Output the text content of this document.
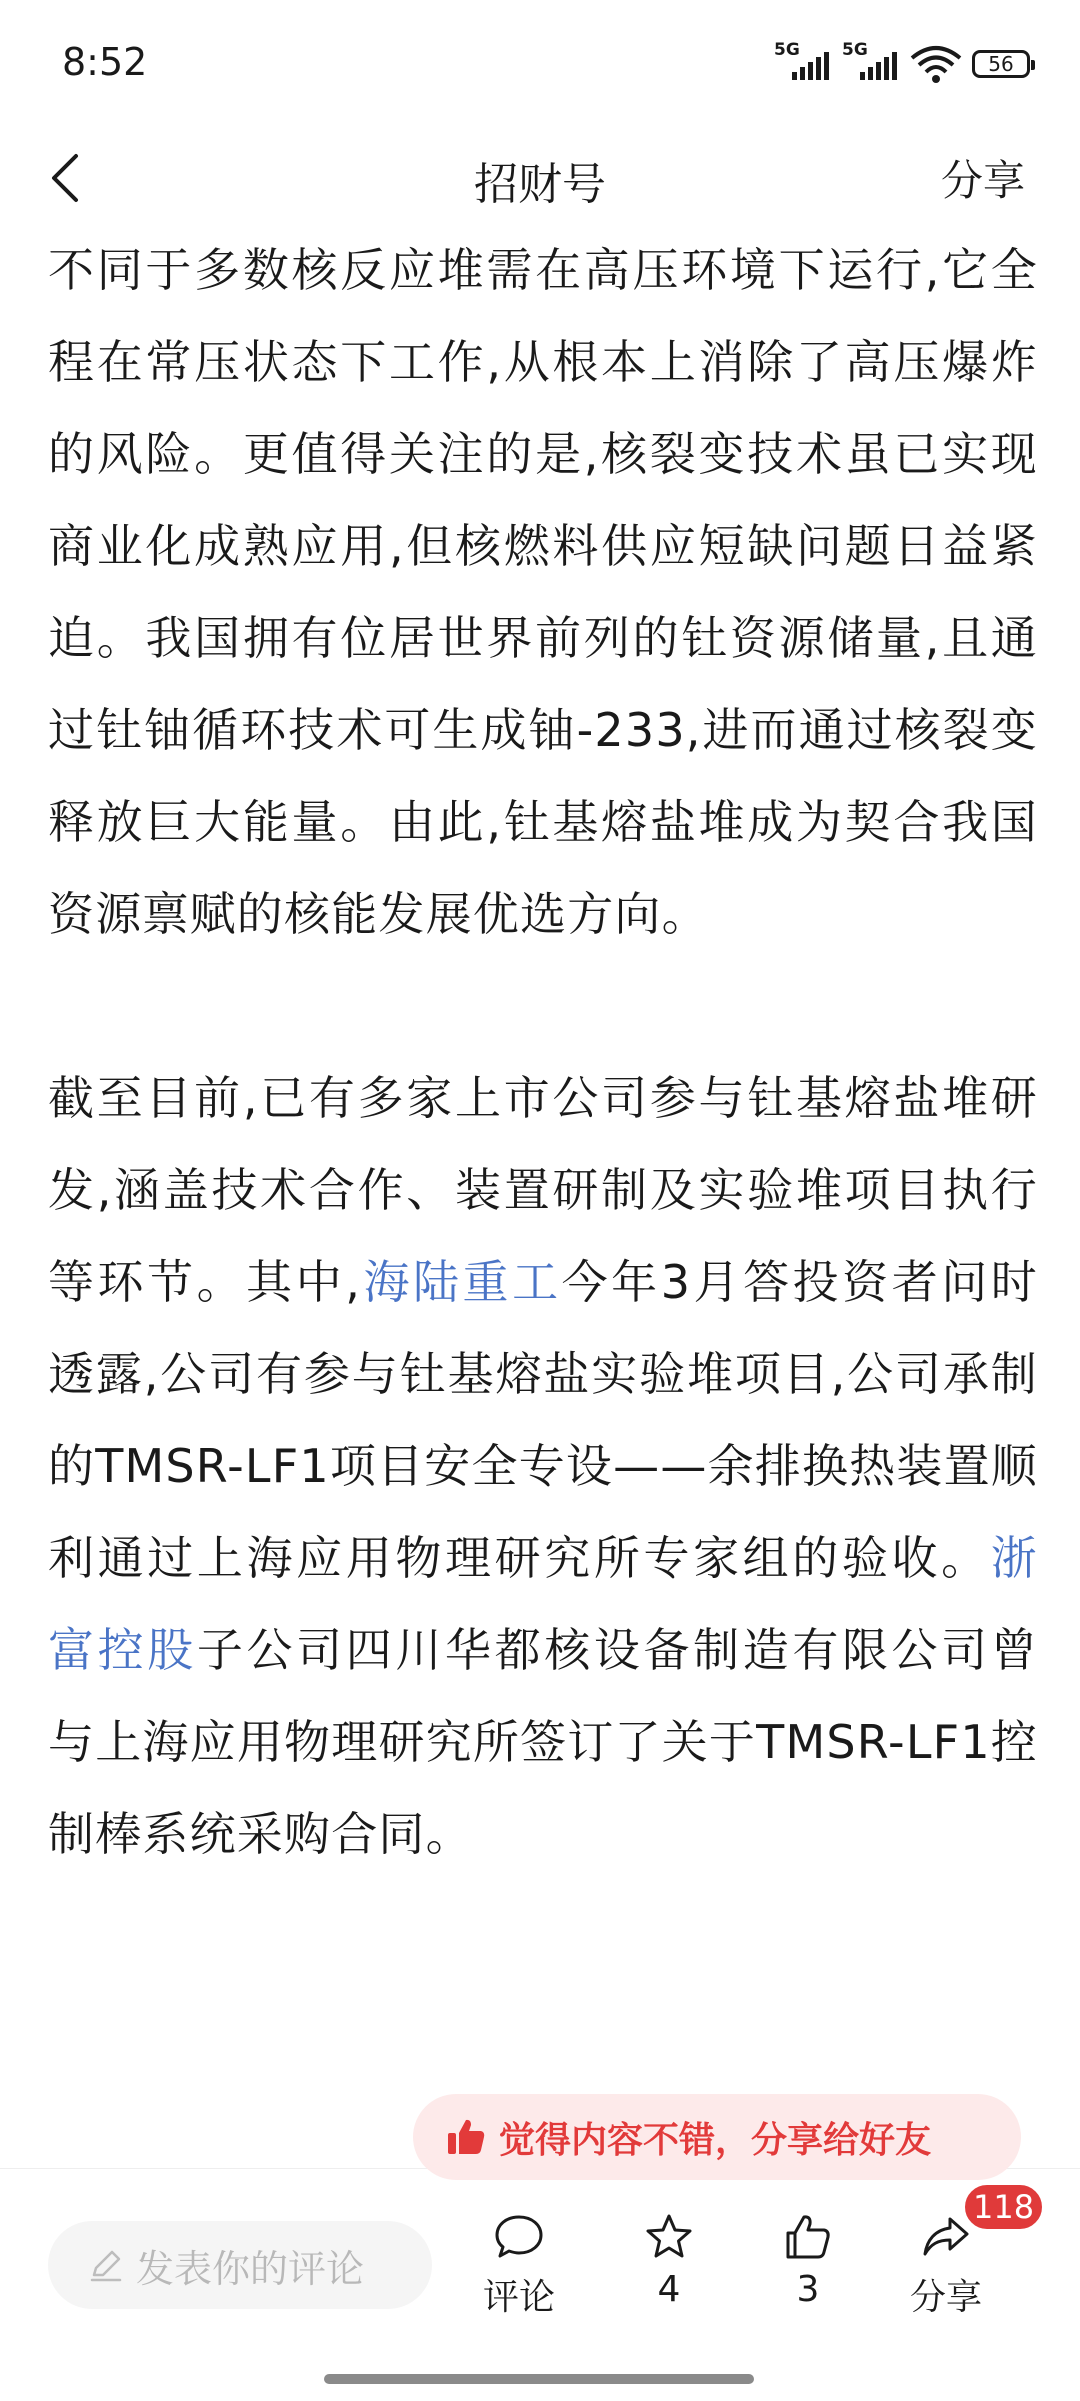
8:52	5G 5G
56
招财号	分享

不同于多数核反应堆需在高压环境下运行,它全程在常压状态下工作,从根本上消除了高压爆炸的风险。更值得关注的是,核裂变技术虽已实现商业化成熟应用,但核燃料供应短缺问题日益紧迫。我国拥有位居世界前列的钍资源储量,且通过钍铀循环技术可生成铀-233,进而通过核裂变释放巨大能量。由此,钍基熔盐堆成为契合我国资源禀赋的核能发展优选方向。

截至目前,已有多家上市公司参与钍基熔盐堆研发,涵盖技术合作、装置研制及实验堆项目执行等环节。其中,海陆重工今年3月答投资者问时透露,公司有参与钍基熔盐实验堆项目,公司承制的TMSR-LF1项目安全专设——余排换热装置顺利通过上海应用物理研究所专家组的验收。浙富控股子公司四川华都核设备制造有限公司曾与上海应用物理研究所签订了关于TMSR-LF1控制棒系统采购合同。

觉得内容不错，分享给好友
发表你的评论
评论	4	3	分享
118
